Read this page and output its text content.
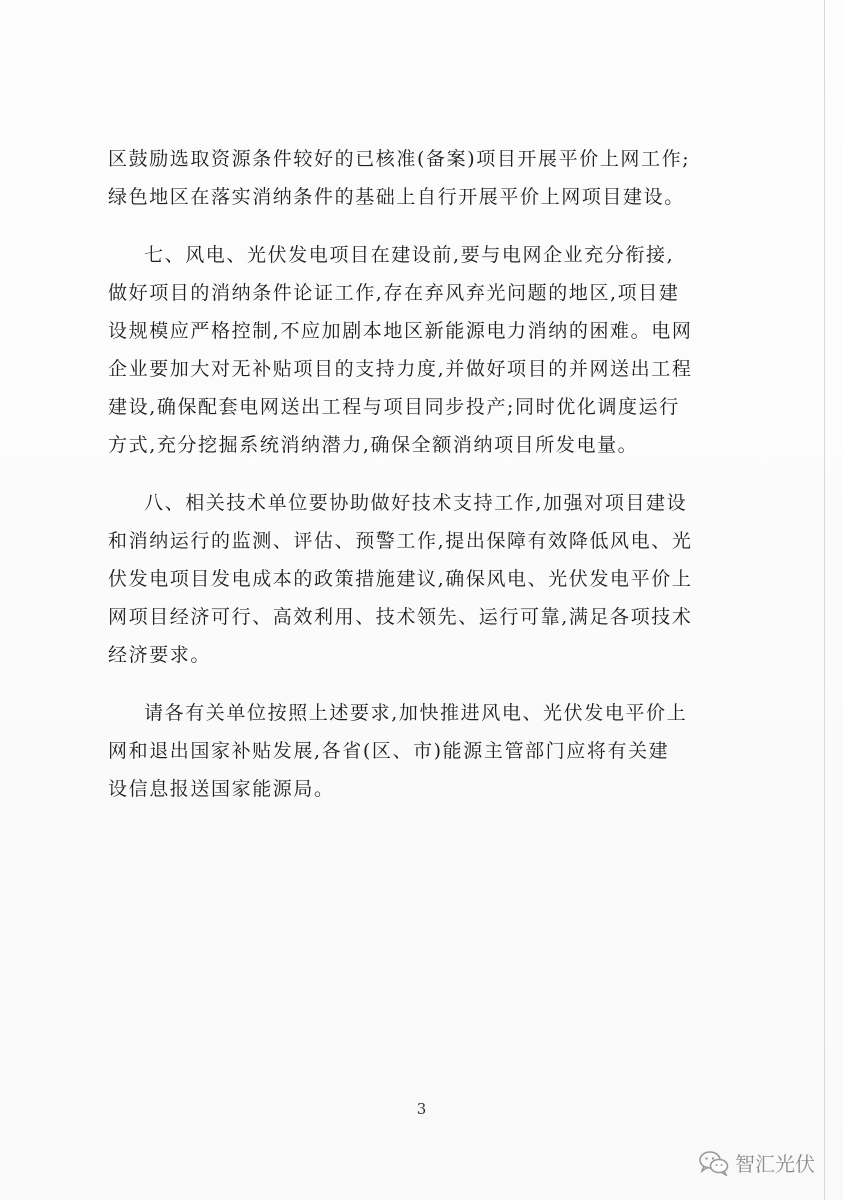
区鼓励选取资源条件较好的已核准(备案)项目开展平价上网工作;
绿色地区在落实消纳条件的基础上自行开展平价上网项目建设。
七、风电、光伏发电项目在建设前,要与电网企业充分衔接,
做好项目的消纳条件论证工作,存在弃风弃光问题的地区,项目建
设规模应严格控制,不应加剧本地区新能源电力消纳的困难。电网
企业要加大对无补贴项目的支持力度,并做好项目的并网送出工程
建设,确保配套电网送出工程与项目同步投产;同时优化调度运行
方式,充分挖掘系统消纳潜力,确保全额消纳项目所发电量。
八、相关技术单位要协助做好技术支持工作,加强对项目建设
和消纳运行的监测、评估、预警工作,提出保障有效降低风电、光
伏发电项目发电成本的政策措施建议,确保风电、光伏发电平价上
网项目经济可行、高效利用、技术领先、运行可靠,满足各项技术
经济要求。
请各有关单位按照上述要求,加快推进风电、光伏发电平价上
网和退出国家补贴发展,各省(区、市)能源主管部门应将有关建
设信息报送国家能源局。
3
智汇光伏
